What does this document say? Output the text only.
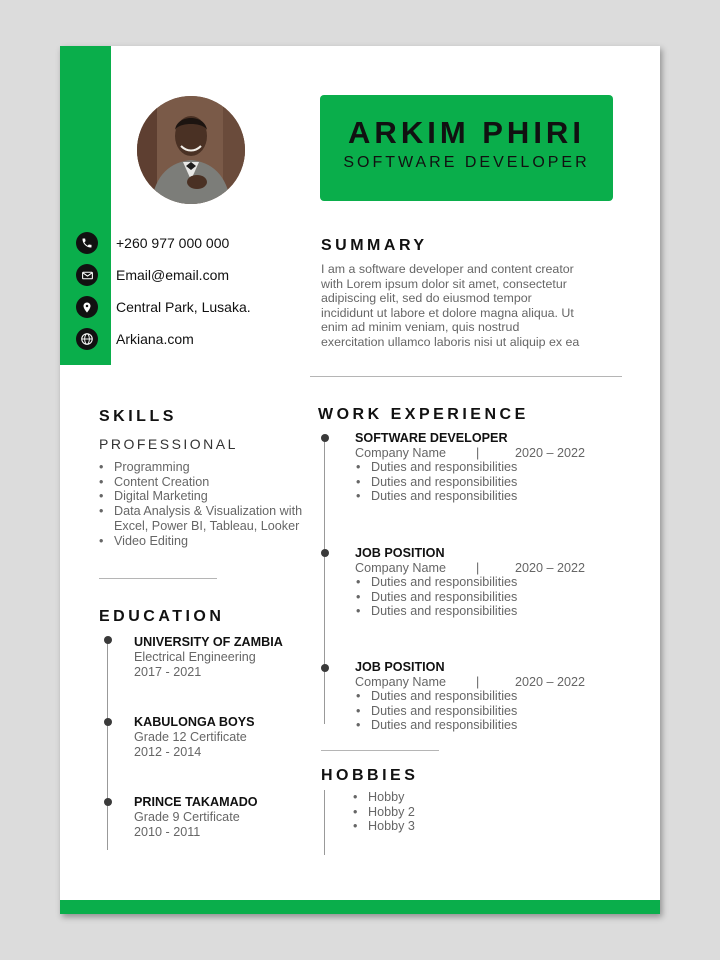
+260 977 000 000
Email@email.com
Central Park, Lusaka.
Arkiana.com
ARKIM PHIRI
SOFTWARE DEVELOPER
SUMMARY
I am a software developer and content creator
with Lorem ipsum dolor sit amet, consectetur
adipiscing elit, sed do eiusmod tempor
incididunt ut labore et dolore magna aliqua. Ut
enim ad minim veniam, quis nostrud
exercitation ullamco laboris nisi ut aliquip ex ea
SKILLS
PROFESSIONAL
• Programming
• Content Creation
• Digital Marketing
• Data Analysis & Visualization with
Excel, Power BI, Tableau, Looker
• Video Editing
EDUCATION
UNIVERSITY OF ZAMBIA
Electrical Engineering
2017 - 2021
KABULONGA BOYS
Grade 12 Certificate
2012 - 2014
PRINCE TAKAMADO
Grade 9 Certificate
2010 - 2011
WORK EXPERIENCE
SOFTWARE DEVELOPER
Company Name |	2020 – 2022
• Duties and responsibilities
• Duties and responsibilities
• Duties and responsibilities
JOB POSITION
Company Name |	2020 – 2022
• Duties and responsibilities
• Duties and responsibilities
• Duties and responsibilities
JOB POSITION
Company Name |	2020 – 2022
• Duties and responsibilities
• Duties and responsibilities
• Duties and responsibilities
HOBBIES
• Hobby
• Hobby 2
• Hobby 3
